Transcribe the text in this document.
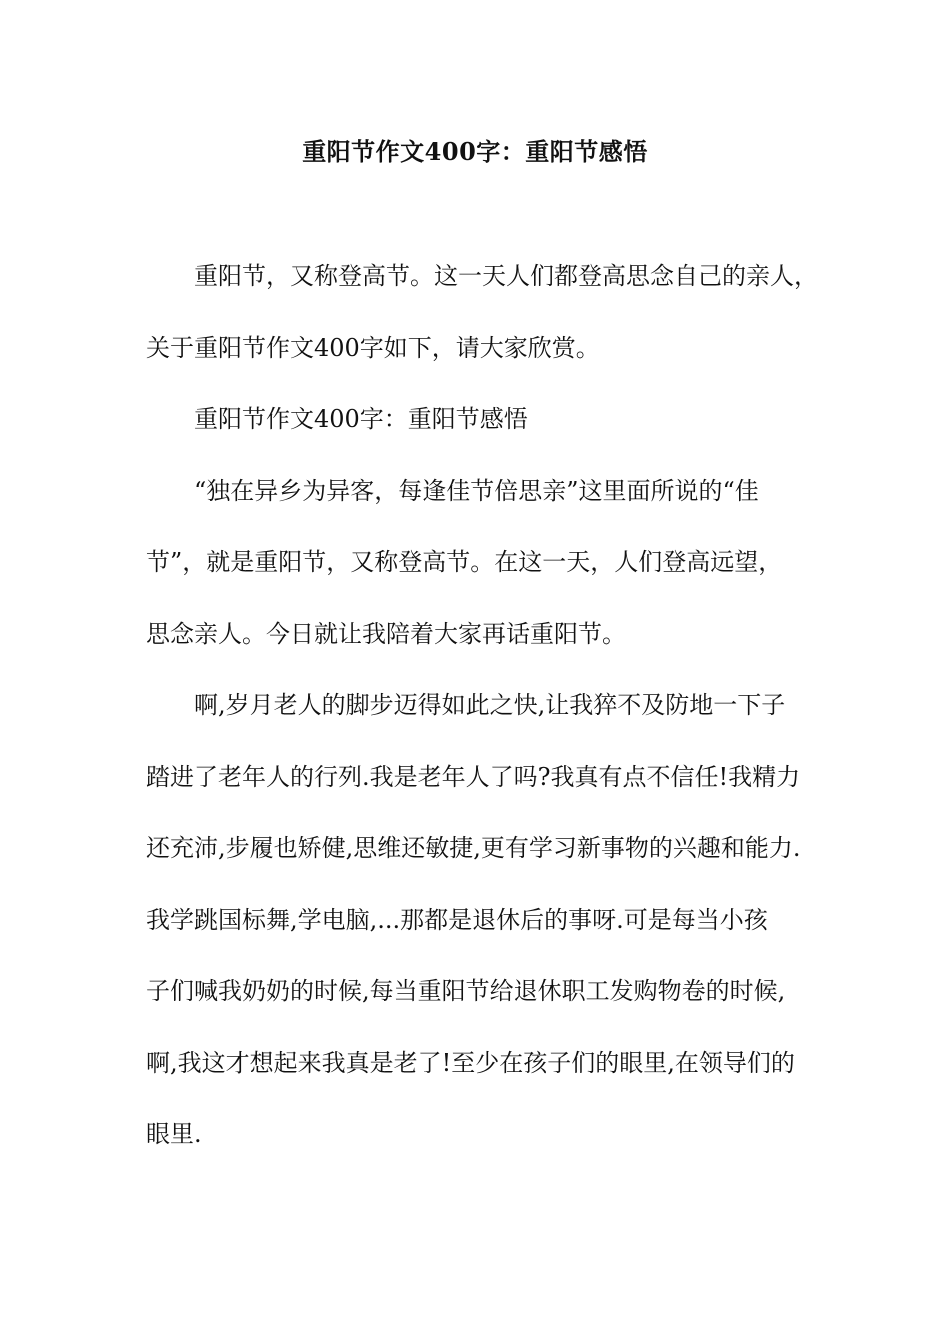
重阳节作文400字：重阳节感悟
重阳节，又称登高节。这一天人们都登高思念自己的亲人，
关于重阳节作文400字如下，请大家欣赏。
重阳节作文400字：重阳节感悟
“独在异乡为异客，每逢佳节倍思亲”这里面所说的“佳
节”，就是重阳节，又称登高节。在这一天，人们登高远望，
思念亲人。今日就让我陪着大家再话重阳节。
啊,岁月老人的脚步迈得如此之快,让我猝不及防地一下子
踏进了老年人的行列.我是老年人了吗?我真有点不信任!我精力
还充沛,步履也矫健,思维还敏捷,更有学习新事物的兴趣和能力.
我学跳国标舞,学电脑,...那都是退休后的事呀.可是每当小孩
子们喊我奶奶的时候,每当重阳节给退休职工发购物卷的时候,
啊,我这才想起来我真是老了!至少在孩子们的眼里,在领导们的
眼里.
